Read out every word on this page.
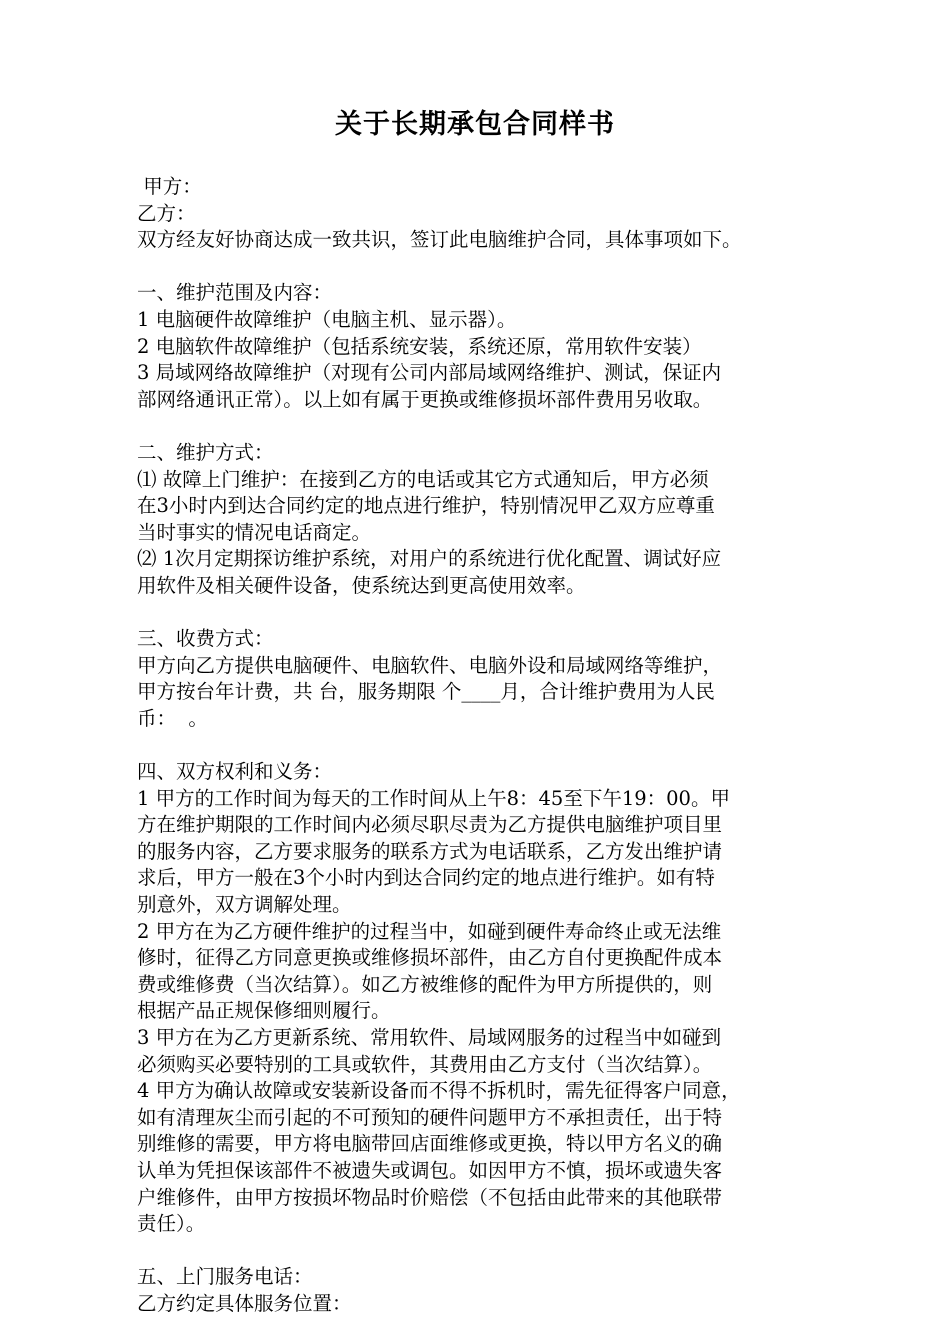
关于长期承包合同样书
甲方：
乙方：
双方经友好协商达成一致共识，签订此电脑维护合同，具体事项如下。
一、维护范围及内容：
1 电脑硬件故障维护（电脑主机、显示器）。
2 电脑软件故障维护（包括系统安装，系统还原，常用软件安装）
3 局域网络故障维护（对现有公司内部局域网络维护、测试，保证内
部网络通讯正常）。以上如有属于更换或维修损坏部件费用另收取。
二、维护方式：
⑴ 故障上门维护：在接到乙方的电话或其它方式通知后，甲方必须
在3小时内到达合同约定的地点进行维护，特别情况甲乙双方应尊重
当时事实的情况电话商定。
⑵ 1次月定期探访维护系统，对用户的系统进行优化配置、调试好应
用软件及相关硬件设备，使系统达到更高使用效率。
三、收费方式：
甲方向乙方提供电脑硬件、电脑软件、电脑外设和局域网络等维护，
甲方按台年计费，共 台，服务期限 个____月，合计维护费用为人民
币：  。
四、双方权利和义务：
1 甲方的工作时间为每天的工作时间从上午8：45至下午19：00。甲
方在维护期限的工作时间内必须尽职尽责为乙方提供电脑维护项目里
的服务内容，乙方要求服务的联系方式为电话联系，乙方发出维护请
求后，甲方一般在3个小时内到达合同约定的地点进行维护。如有特
别意外，双方调解处理。
2 甲方在为乙方硬件维护的过程当中，如碰到硬件寿命终止或无法维
修时，征得乙方同意更换或维修损坏部件，由乙方自付更换配件成本
费或维修费（当次结算）。如乙方被维修的配件为甲方所提供的，则
根据产品正规保修细则履行。
3 甲方在为乙方更新系统、常用软件、局域网服务的过程当中如碰到
必须购买必要特别的工具或软件，其费用由乙方支付（当次结算）。
4 甲方为确认故障或安装新设备而不得不拆机时，需先征得客户同意，
如有清理灰尘而引起的不可预知的硬件问题甲方不承担责任，出于特
别维修的需要，甲方将电脑带回店面维修或更换，特以甲方名义的确
认单为凭担保该部件不被遗失或调包。如因甲方不慎，损坏或遗失客
户维修件，由甲方按损坏物品时价赔偿（不包括由此带来的其他联带
责任）。
五、上门服务电话：
乙方约定具体服务位置：
